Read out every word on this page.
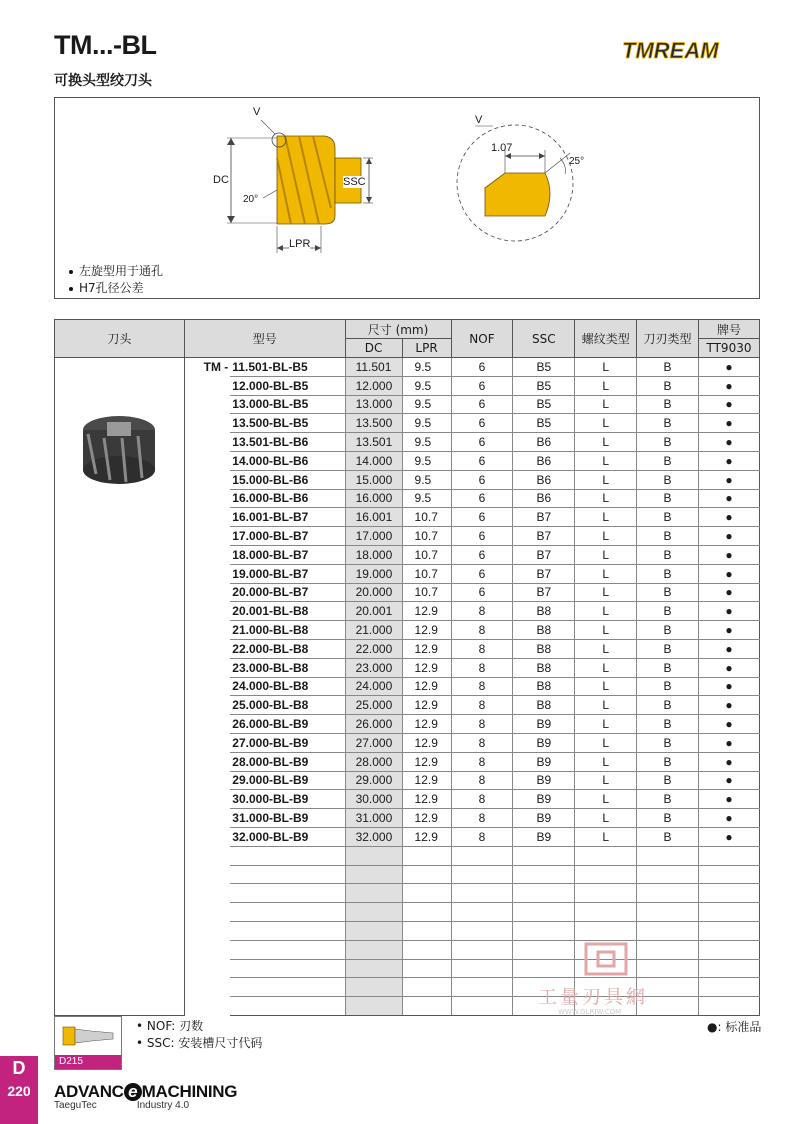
TM...-BL
可换头型绞刀头
TMREAM
V
DC
20°
SSC
LPR
V
1.07
25°
左旋型用于通孔
H7孔径公差
刀头	型号		尺寸 (mm)		NOF	SSC	螺纹类型	刀刃类型	牌号
			DC	LPR					TT9030
	TM -	11.501-BL-B5	11.501	9.5	6	B5	L	B	●
		12.000-BL-B5	12.000	9.5	6	B5	L	B	●
		13.000-BL-B5	13.000	9.5	6	B5	L	B	●
		13.500-BL-B5	13.500	9.5	6	B5	L	B	●
		13.501-BL-B6	13.501	9.5	6	B6	L	B	●
		14.000-BL-B6	14.000	9.5	6	B6	L	B	●
		15.000-BL-B6	15.000	9.5	6	B6	L	B	●
		16.000-BL-B6	16.000	9.5	6	B6	L	B	●
		16.001-BL-B7	16.001	10.7	6	B7	L	B	●
		17.000-BL-B7	17.000	10.7	6	B7	L	B	●
		18.000-BL-B7	18.000	10.7	6	B7	L	B	●
		19.000-BL-B7	19.000	10.7	6	B7	L	B	●
		20.000-BL-B7	20.000	10.7	6	B7	L	B	●
		20.001-BL-B8	20.001	12.9	8	B8	L	B	●
		21.000-BL-B8	21.000	12.9	8	B8	L	B	●
		22.000-BL-B8	22.000	12.9	8	B8	L	B	●
		23.000-BL-B8	23.000	12.9	8	B8	L	B	●
		24.000-BL-B8	24.000	12.9	8	B8	L	B	●
		25.000-BL-B8	25.000	12.9	8	B8	L	B	●
		26.000-BL-B9	26.000	12.9	8	B9	L	B	●
		27.000-BL-B9	27.000	12.9	8	B9	L	B	●
		28.000-BL-B9	28.000	12.9	8	B9	L	B	●
		29.000-BL-B9	29.000	12.9	8	B9	L	B	●
		30.000-BL-B9	30.000	12.9	8	B9	L	B	●
		31.000-BL-B9	31.000	12.9	8	B9	L	B	●
		32.000-BL-B9	32.000	12.9	8	B9	L	B	●

D215
• NOF: 刃数
• SSC: 安装槽尺寸代码
●: 标准品
工量刃具網
WWW.GLRJW.COM
D
220	ADVANC e MACHINING
TaeguTec	Industry 4.0
